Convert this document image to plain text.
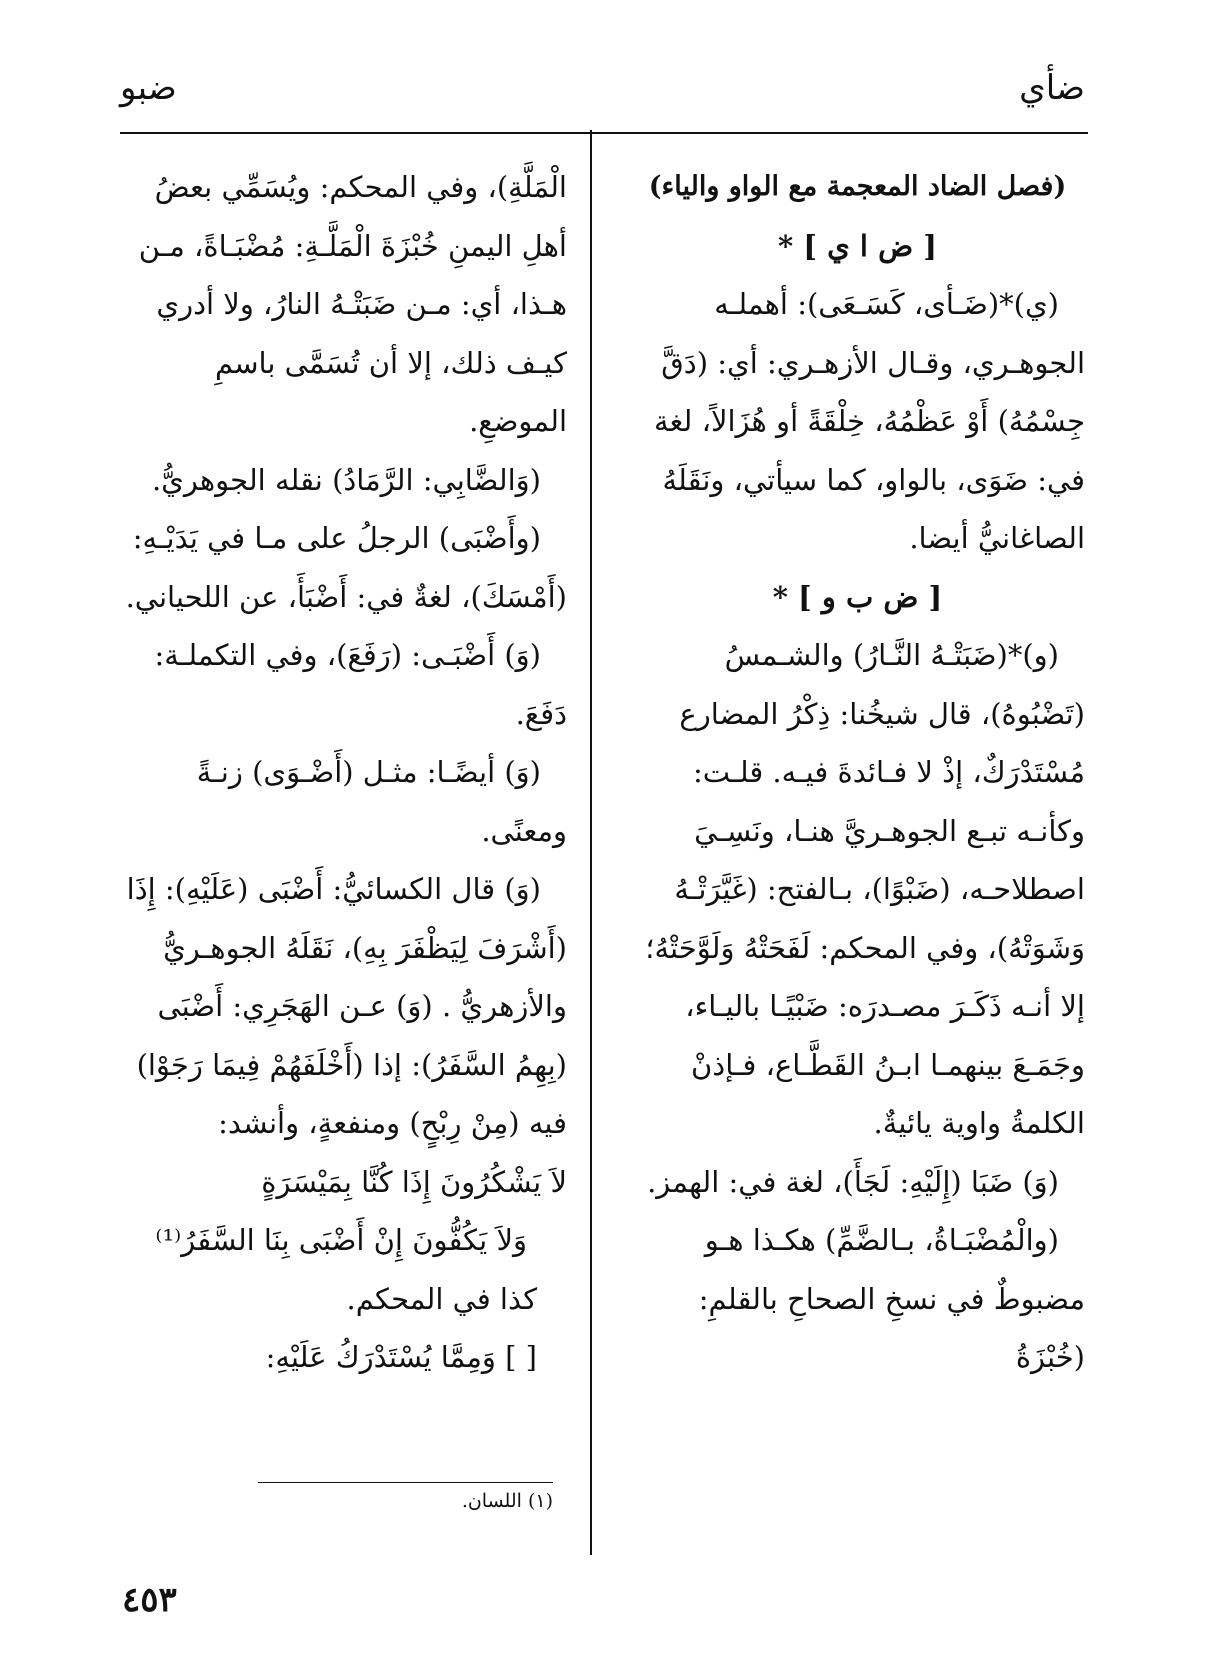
ضأي
ضبو

(فصل الضاد المعجمة مع الواو والياء)

[ ض ا ي ] *

(ي)*(ضَـأى، كَسَـعَى): أهملـه الجوهـري، وقـال الأزهـري: أي: (دَقَّ جِسْمُهُ) أَوْ عَظْمُهُ، خِلْقَةً أو هُزَالاً، لغة في: ضَوَى، بالواو، كما سيأتي، ونَقَلَهُ الصاغانيُّ أيضا.

[ ض ب و ] *

(و)*(ضَبَتْـهُ النَّـارُ) والشـمسُ (تَضْبُوهُ)، قال شيخُنا: ذِكْرُ المضارع مُسْتَدْرَكٌ، إذْ لا فـائدةَ فيـه. قلـت: وكأنـه تبـع الجوهـريَّ هنـا، ونَسِـيَ اصطلاحـه، (ضَبْوًا)، بـالفتح: (غَيَّرَتْـهُ وَشَوَتْهُ)، وفي المحكم: لَفَحَتْهُ وَلَوَّحَتْهُ؛ إلا أنـه ذَكَـرَ مصـدرَه: ضَبْيًـا باليـاء، وجَمَـعَ بينهمـا ابـنُ القَطَّـاع، فـإذنْ الكلمةُ واوية يائيةٌ.

(وَ) ضَبَا (إِلَيْهِ: لَجَأَ)، لغة في: الهمز.

(والْمُضْبَـاةُ، بـالضَّمِّ) هكـذا هـو مضبوطٌ في نسخِ الصحاحِ بالقلمِ: (خُبْزَةُ

الْمَلَّةِ)، وفي المحكم: ويُسَمِّي بعضُ أهلِ اليمنِ خُبْزَةَ الْمَلَّـةِ: مُضْبَـاةً، مـن هـذا، أي: مـن ضَبَتْـهُ النارُ، ولا أدري كيـف ذلك، إلا أن تُسَمَّى باسمِ الموضعِ.

(وَالضَّابِي: الرَّمَادُ) نقله الجوهريُّ.

(وأَضْبَى) الرجلُ على مـا في يَدَيْـهِ: (أَمْسَكَ)، لغةٌ في: أَضْبَأَ، عن اللحياني.

(وَ) أَضْبَـى: (رَفَعَ)، وفي التكملـة: دَفَعَ.

(وَ) أيضًـا: مثـل (أَضْـوَى) زنـةً ومعنًى.

(وَ) قال الكسائيُّ: أَضْبَى (عَلَيْهِ): إِذَا (أَشْرَفَ لِيَظْفَرَ بِهِ)، نَقَلَهُ الجوهـريُّ والأزهريُّ . (وَ) عـن الهَجَرِي: أَضْبَى (بِهِمُ السَّفَرُ): إذا (أَخْلَفَهُمْ فِيمَا رَجَوْا) فيه (مِنْ رِبْحٍ) ومنفعةٍ، وأنشد:

لاَ يَشْكُرُونَ إِذَا كُنَّا بِمَيْسَرَةٍ

وَلاَ يَكُفُّونَ إِنْ أَضْبَى بِنَا السَّفَرُ⁽¹⁾

كذا في المحكم.

[ ] وَمِمَّا يُسْتَدْرَكُ عَلَيْهِ:

(١) اللسان.
٤٥٣
